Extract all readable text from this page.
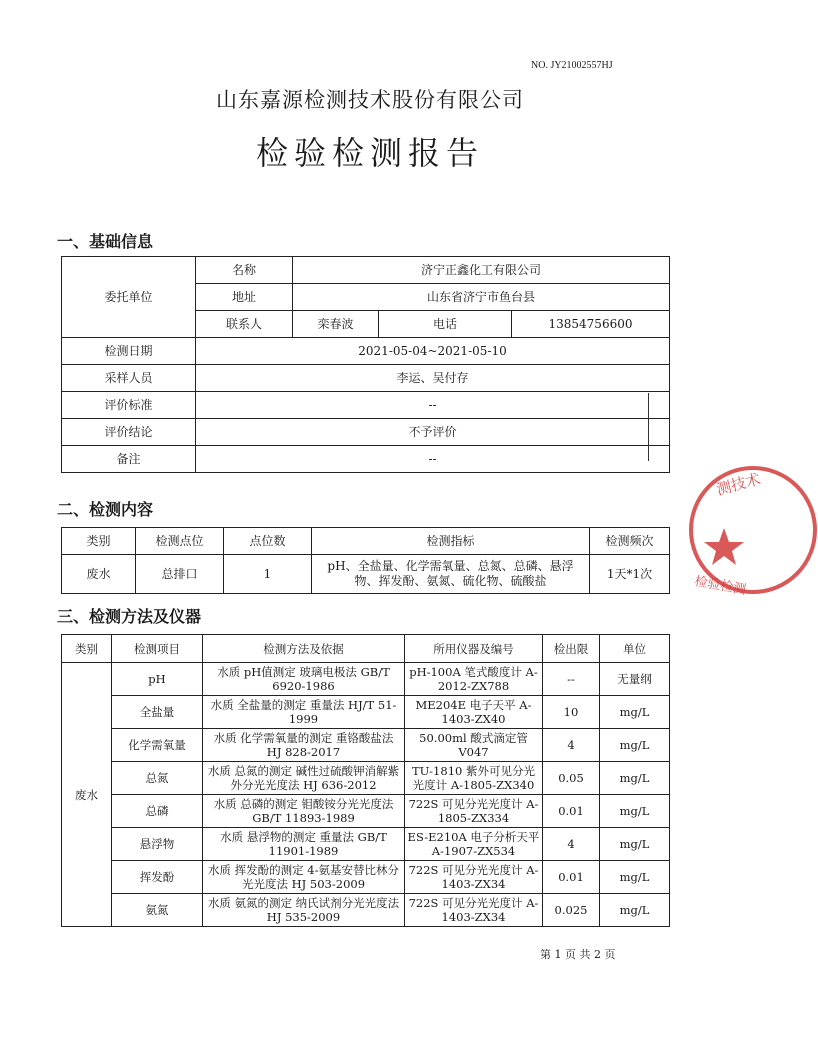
NO. JY21002557HJ
山东嘉源检测技术股份有限公司
检验检测报告
一、基础信息
委托单位	名称	济宁正鑫化工有限公司		
	地址	山东省济宁市鱼台县		
	联系人	栾春波	电话	13854756600
检测日期	2021-05-04~2021-05-10			
采样人员	李运、吴付存			
评价标准	--			
评价结论	不予评价			
备注	--			
二、检测内容
类别	检测点位	点位数	检测指标	检测频次
废水	总排口	1	pH、全盐量、化学需氧量、总氮、总磷、悬浮物、挥发酚、氨氮、硫化物、硫酸盐	1天*1次
三、检测方法及仪器
类别	检测项目	检测方法及依据	所用仪器及编号	检出限	单位
废水	pH	水质 pH值测定 玻璃电极法 GB/T 6920-1986	pH-100A 笔式酸度计 A-2012-ZX788	--	无量纲
	全盐量	水质 全盐量的测定 重量法 HJ/T 51-1999	ME204E 电子天平 A-1403-ZX40	10	mg/L
	化学需氧量	水质 化学需氧量的测定 重铬酸盐法 HJ 828-2017	50.00ml 酸式滴定管 V047	4	mg/L
	总氮	水质 总氮的测定 碱性过硫酸钾消解紫外分光光度法 HJ 636-2012	TU-1810 紫外可见分光光度计 A-1805-ZX340	0.05	mg/L
	总磷	水质 总磷的测定 钼酸铵分光光度法 GB/T 11893-1989	722S 可见分光光度计 A-1805-ZX334	0.01	mg/L
	悬浮物	水质 悬浮物的测定 重量法 GB/T 11901-1989	ES-E210A 电子分析天平 A-1907-ZX534	4	mg/L
	挥发酚	水质 挥发酚的测定 4-氨基安替比林分光光度法 HJ 503-2009	722S 可见分光光度计 A-1403-ZX34	0.01	mg/L
	氨氮	水质 氨氮的测定 纳氏试剂分光光度法 HJ 535-2009	722S 可见分光光度计 A-1403-ZX34	0.025	mg/L
第 1 页 共 2 页
测技术
检验检测
